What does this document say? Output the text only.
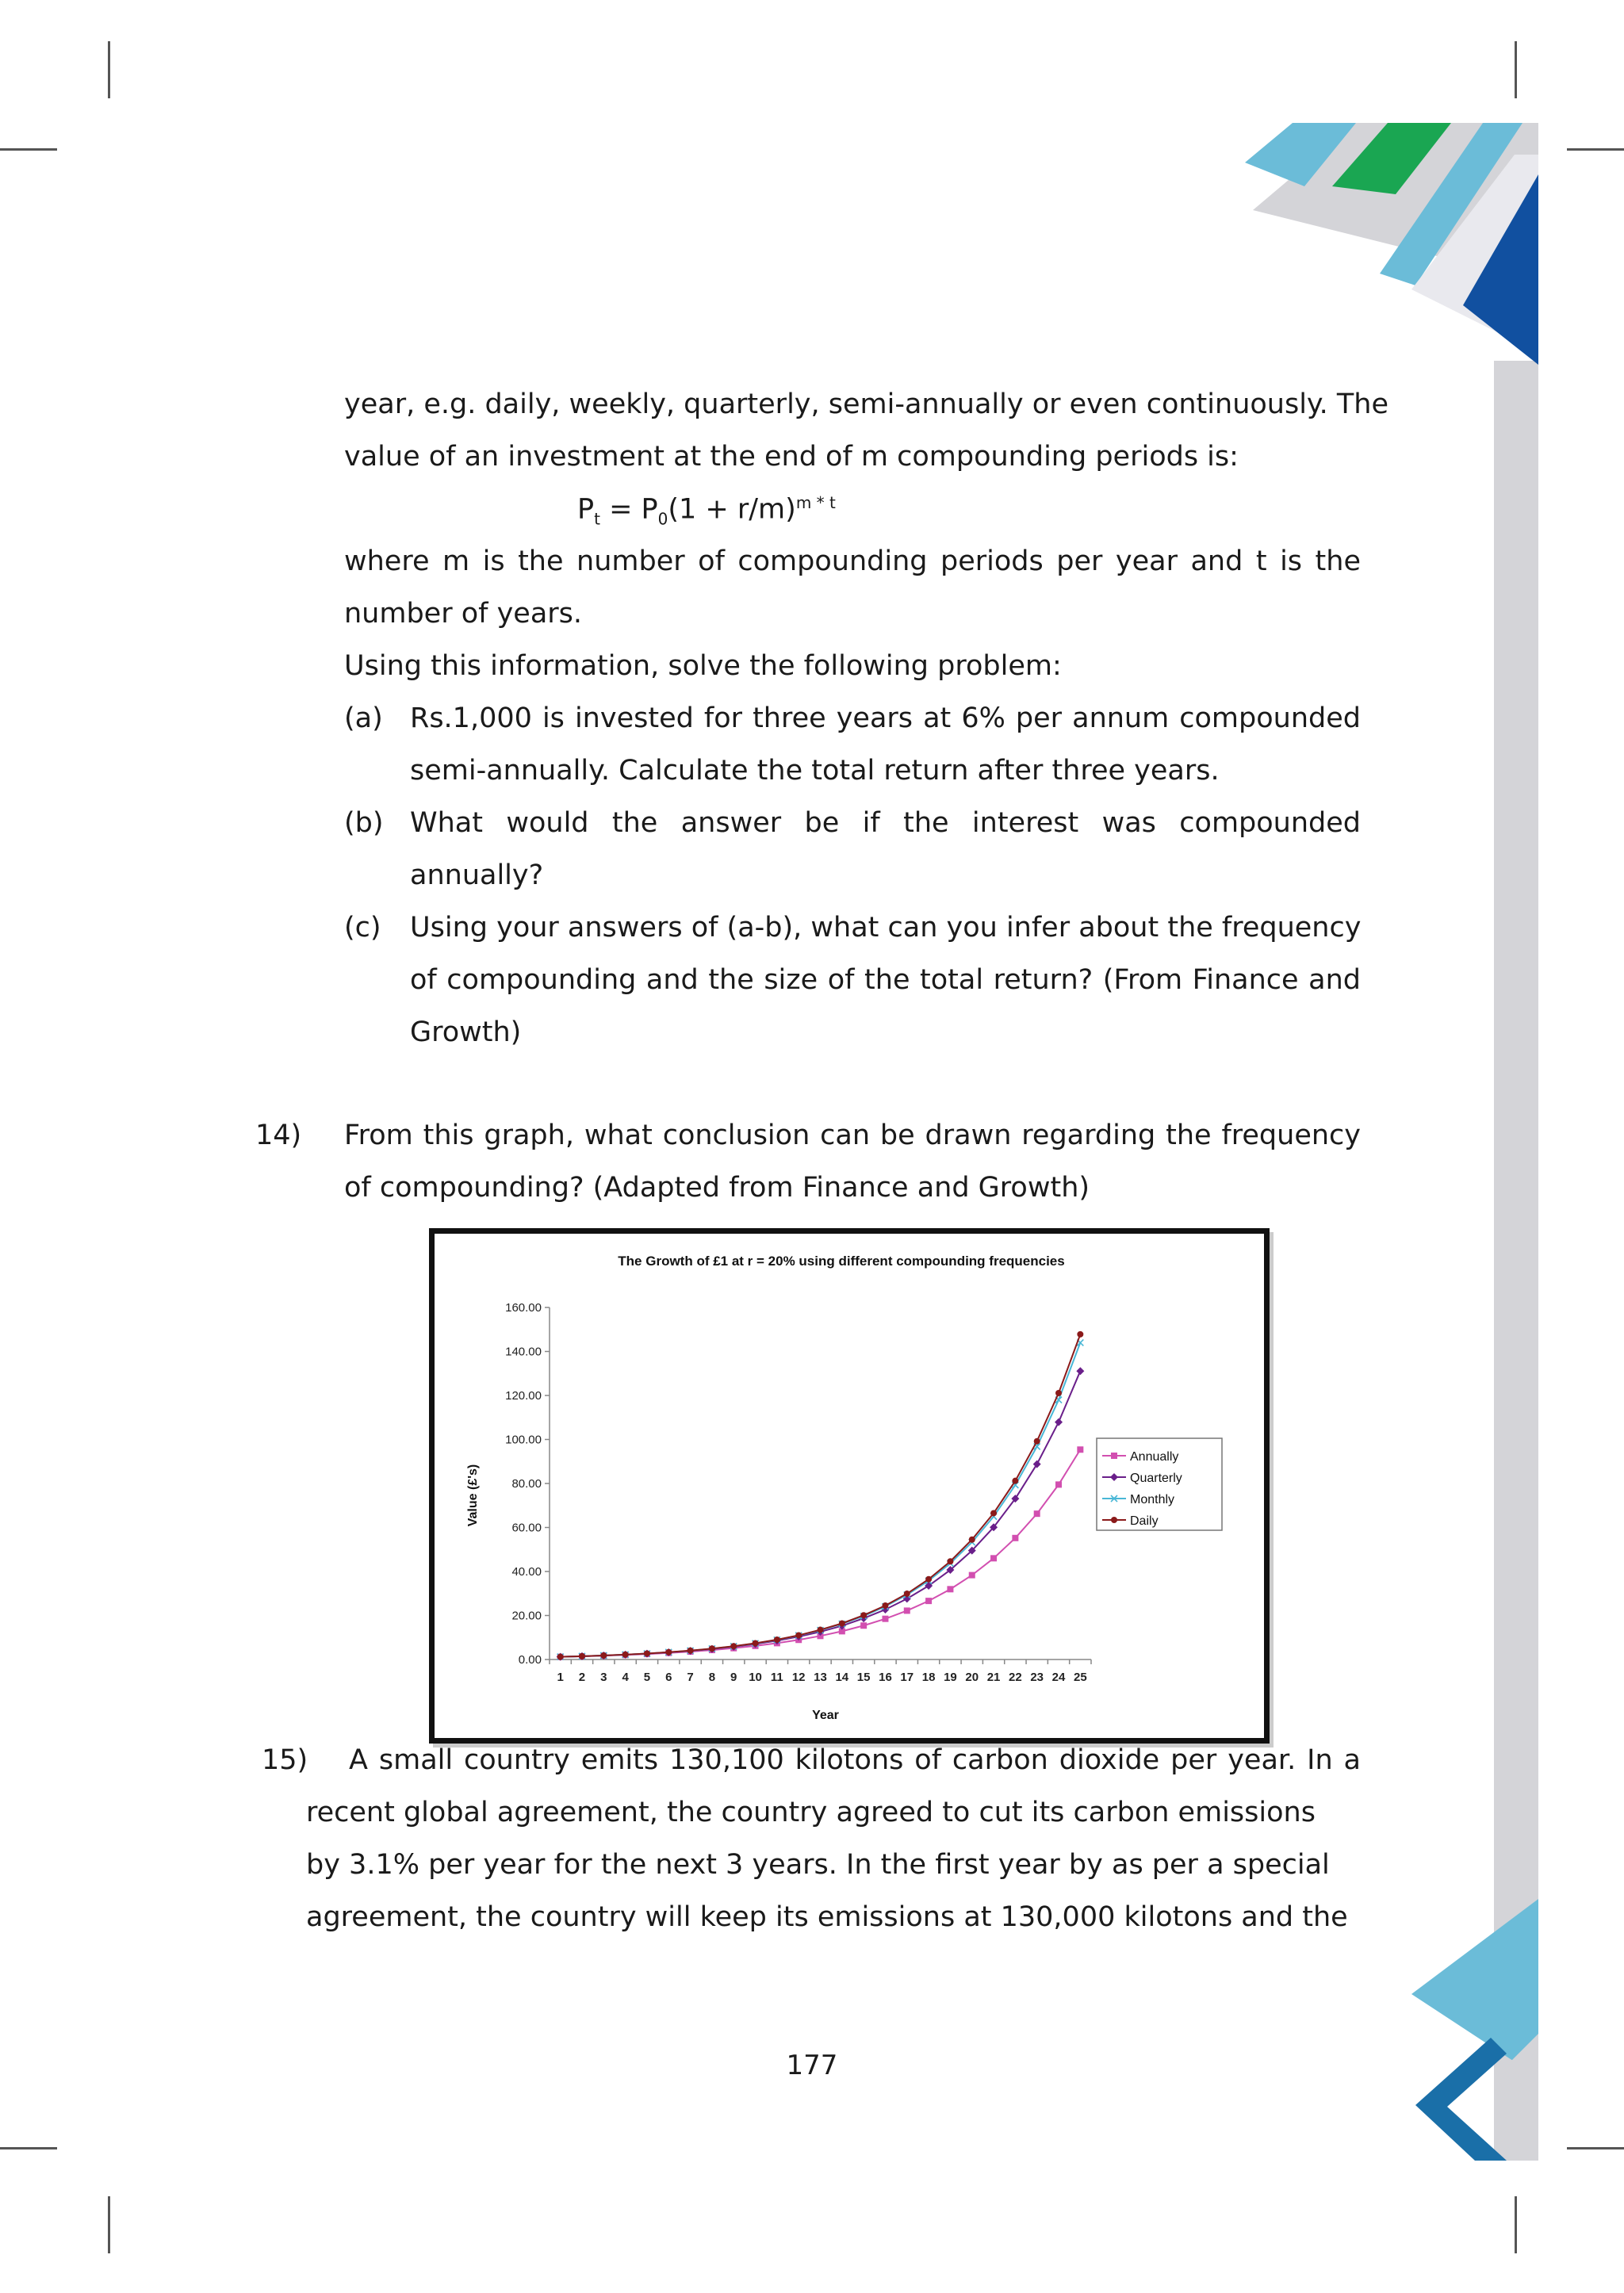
year, e.g. daily, weekly, quarterly, semi-annually or even continuously. The
value of an investment at the end of m compounding periods is:
$P_t = P_0(1 + r/m)^{m * t}$
where m is the number of compounding periods per year and t is the
number of years.
Using this information, solve the following problem:
(a) Rs.1,000 is invested for three years at 6% per annum compounded
semi-annually. Calculate the total return after three years.
(b) What would the answer be if the interest was compounded
annually?
(c) Using your answers of (a-b), what can you infer about the frequency
of compounding and the size of the total return? (From Finance and
Growth)
14) From this graph, what conclusion can be drawn regarding the frequency
of compounding? (Adapted from Finance and Growth)
The Growth of £1 at r = 20% using different compounding frequencies
Value (£'s)
Year
0.00
20.00
40.00
60.00
80.00
100.00
120.00
140.00
160.00
1 2 3 4 5 6 7 8 9 10 11 12 13 14 15 16 17 18 19 20 21 22 23 24 25
Annually
Quarterly
Monthly
Daily
15) A small country emits 130,100 kilotons of carbon dioxide per year. In a
recent global agreement, the country agreed to cut its carbon emissions
by 3.1% per year for the next 3 years. In the first year by as per a special
agreement, the country will keep its emissions at 130,000 kilotons and the
177
